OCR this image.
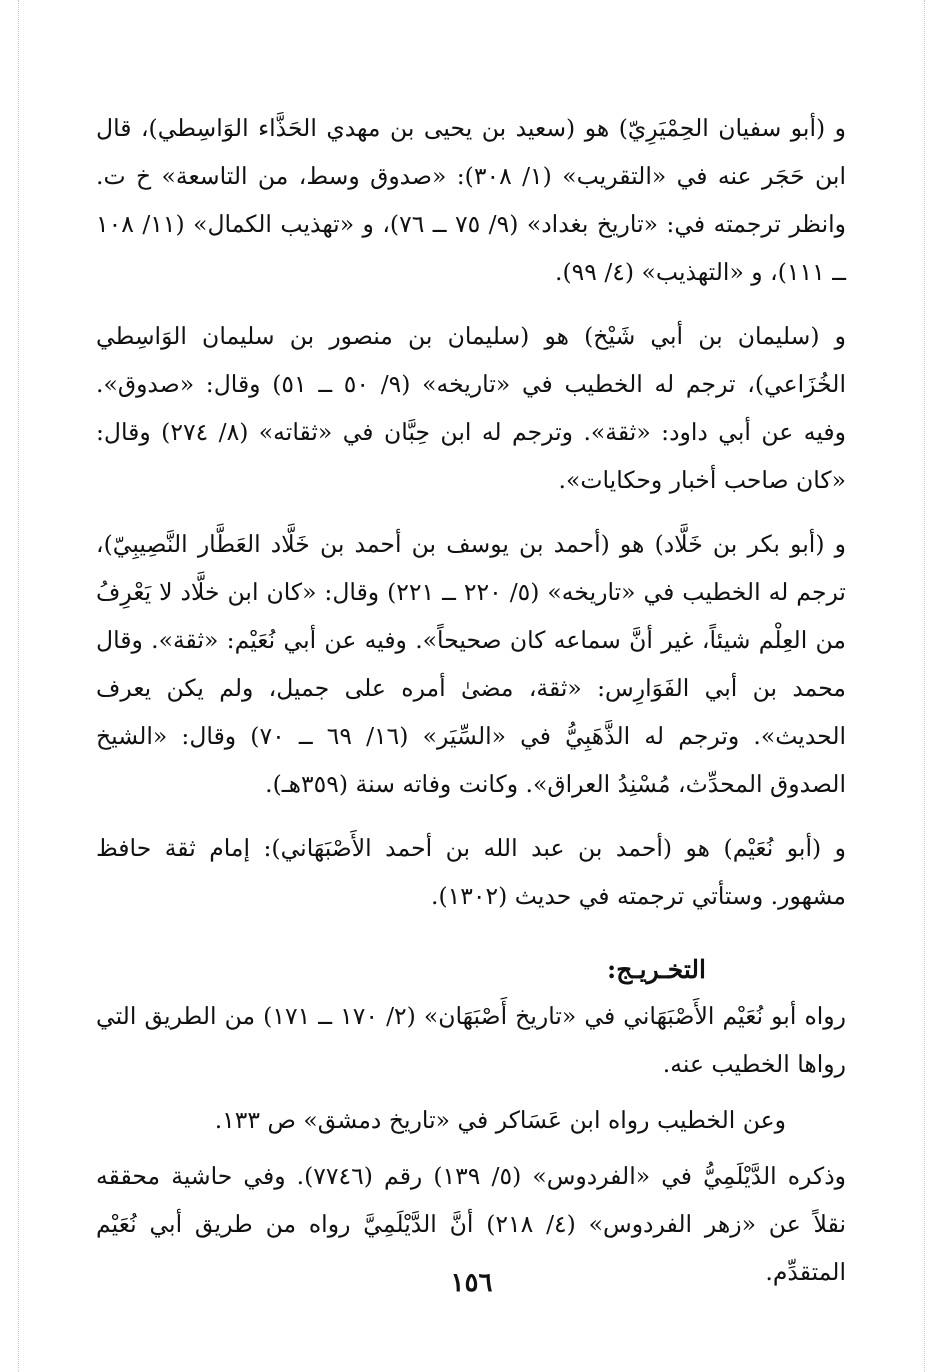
و (أبو سفيان الحِمْيَرِيّ) هو (سعيد بن يحيى بن مهدي الحَذَّاء الوَاسِطي)، قال ابن حَجَر عنه في «التقريب» (١/ ٣٠٨): «صدوق وسط، من التاسعة» خ ت. وانظر ترجمته في: «تاريخ بغداد» (٩/ ٧٥ ــ ٧٦)، و «تهذيب الكمال» (١١/ ١٠٨ ــ ١١١)، و «التهذيب» (٤/ ٩٩).

و (سليمان بن أبي شَيْخ) هو (سليمان بن منصور بن سليمان الوَاسِطي الخُزَاعي)، ترجم له الخطيب في «تاريخه» (٩/ ٥٠ ــ ٥١) وقال: «صدوق». وفيه عن أبي داود: «ثقة». وترجم له ابن حِبَّان في «ثقاته» (٨/ ٢٧٤) وقال: «كان صاحب أخبار وحكايات».

و (أبو بكر بن خَلَّاد) هو (أحمد بن يوسف بن أحمد بن خَلَّاد العَطَّار النَّصِيبِيّ)، ترجم له الخطيب في «تاريخه» (٥/ ٢٢٠ ــ ٢٢١) وقال: «كان ابن خلَّاد لا يَعْرِفُ من العِلْم شيئاً، غير أنَّ سماعه كان صحيحاً». وفيه عن أبي نُعَيْم: «ثقة». وقال محمد بن أبي الفَوَارِس: «ثقة، مضىٰ أمره على جميل، ولم يكن يعرف الحديث». وترجم له الذَّهَبِيُّ في «السِّيَر» (١٦/ ٦٩ ــ ٧٠) وقال: «الشيخ الصدوق المحدِّث، مُسْنِدُ العراق». وكانت وفاته سنة (٣٥٩هـ).

و (أبو نُعَيْم) هو (أحمد بن عبد الله بن أحمد الأَصْبَهَاني): إمام ثقة حافظ مشهور. وستأتي ترجمته في حديث (١٣٠٢).

التخـريـج:

رواه أبو نُعَيْم الأَصْبَهَاني في «تاريخ أَصْبَهَان» (٢/ ١٧٠ ــ ١٧١) من الطريق التي رواها الخطيب عنه.

وعن الخطيب رواه ابن عَسَاكر في «تاريخ دمشق» ص ١٣٣.

وذكره الدَّيْلَمِيُّ في «الفردوس» (٥/ ١٣٩) رقم (٧٧٤٦). وفي حاشية محققه نقلاً عن «زهر الفردوس» (٤/ ٢١٨) أنَّ الدَّيْلَمِيَّ رواه من طريق أبي نُعَيْم المتقدِّم.

١٥٦
